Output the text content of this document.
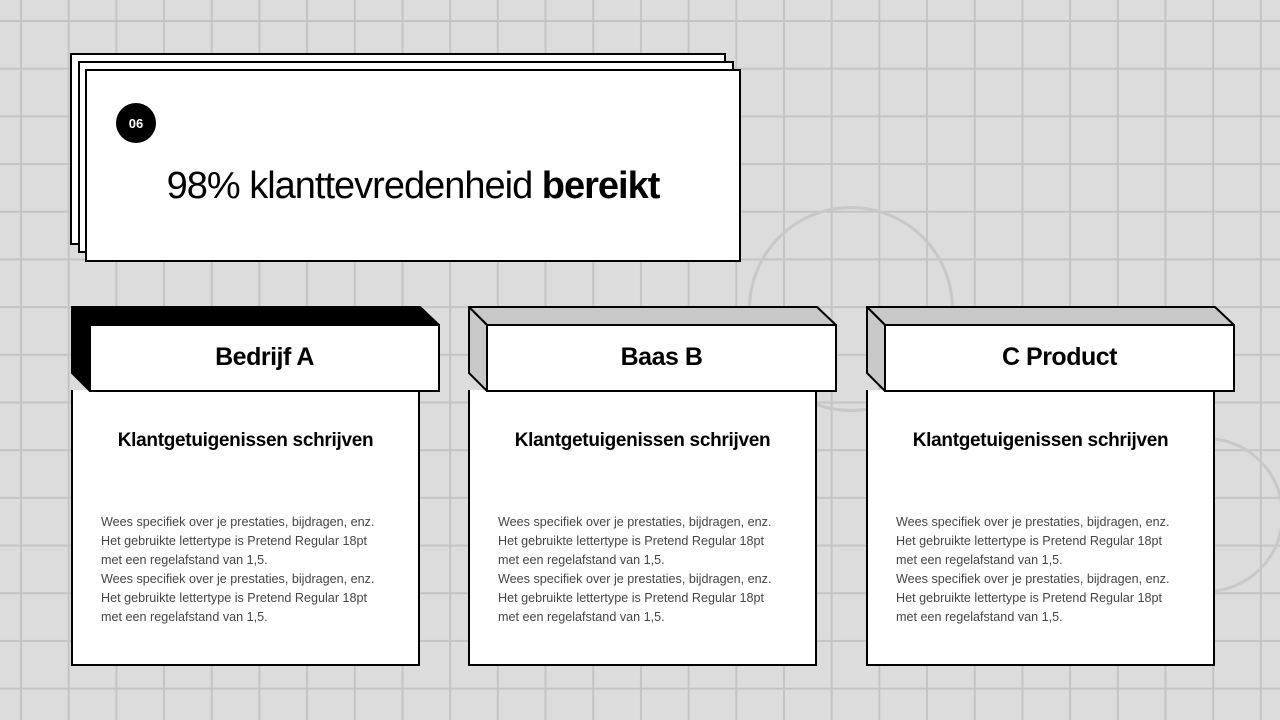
06
98% klanttevredenheid bereikt
Bedrijf A
Klantgetuigenissen schrijven
Wees specifiek over je prestaties, bijdragen, enz.
Het gebruikte lettertype is Pretend Regular 18pt
met een regelafstand van 1,5.
Wees specifiek over je prestaties, bijdragen, enz.
Het gebruikte lettertype is Pretend Regular 18pt
met een regelafstand van 1,5.
Baas B
Klantgetuigenissen schrijven
Wees specifiek over je prestaties, bijdragen, enz.
Het gebruikte lettertype is Pretend Regular 18pt
met een regelafstand van 1,5.
Wees specifiek over je prestaties, bijdragen, enz.
Het gebruikte lettertype is Pretend Regular 18pt
met een regelafstand van 1,5.
C Product
Klantgetuigenissen schrijven
Wees specifiek over je prestaties, bijdragen, enz.
Het gebruikte lettertype is Pretend Regular 18pt
met een regelafstand van 1,5.
Wees specifiek over je prestaties, bijdragen, enz.
Het gebruikte lettertype is Pretend Regular 18pt
met een regelafstand van 1,5.
